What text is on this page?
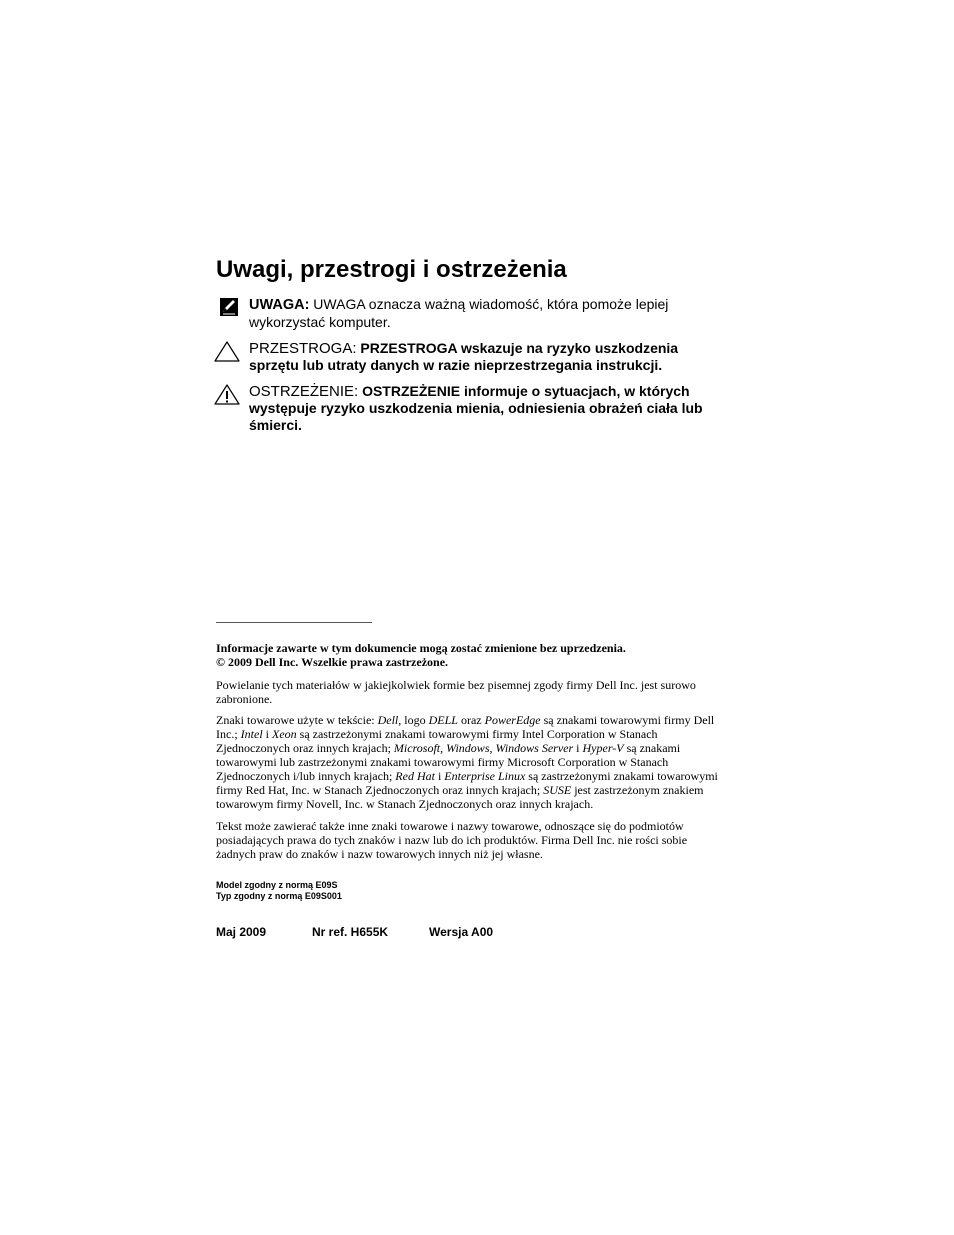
Uwagi, przestrogi i ostrzeżenia
UWAGA: UWAGA oznacza ważną wiadomość, która pomoże lepiej wykorzystać komputer.
PRZESTROGA: PRZESTROGA wskazuje na ryzyko uszkodzenia sprzętu lub utraty danych w razie nieprzestrzegania instrukcji.
OSTRZEŻENIE: OSTRZEŻENIE informuje o sytuacjach, w których występuje ryzyko uszkodzenia mienia, odniesienia obrażeń ciała lub śmierci.

Informacje zawarte w tym dokumencie mogą zostać zmienione bez uprzedzenia.
© 2009 Dell Inc. Wszelkie prawa zastrzeżone.

Powielanie tych materiałów w jakiejkolwiek formie bez pisemnej zgody firmy Dell Inc. jest surowo zabronione.

Znaki towarowe użyte w tekście: Dell, logo DELL oraz PowerEdge są znakami towarowymi firmy Dell Inc.; Intel i Xeon są zastrzeżonymi znakami towarowymi firmy Intel Corporation w Stanach Zjednoczonych oraz innych krajach; Microsoft, Windows, Windows Server i Hyper-V są znakami towarowymi lub zastrzeżonymi znakami towarowymi firmy Microsoft Corporation w Stanach Zjednoczonych i/lub innych krajach; Red Hat i Enterprise Linux są zastrzeżonymi znakami towarowymi firmy Red Hat, Inc. w Stanach Zjednoczonych oraz innych krajach; SUSE jest zastrzeżonym znakiem towarowym firmy Novell, Inc. w Stanach Zjednoczonych oraz innych krajach.

Tekst może zawierać także inne znaki towarowe i nazwy towarowe, odnoszące się do podmiotów posiadających prawa do tych znaków i nazw lub do ich produktów. Firma Dell Inc. nie rości sobie żadnych praw do znaków i nazw towarowych innych niż jej własne.

Model zgodny z normą E09S
Typ zgodny z normą E09S001
Maj 2009	Nr ref. H655K	Wersja A00
